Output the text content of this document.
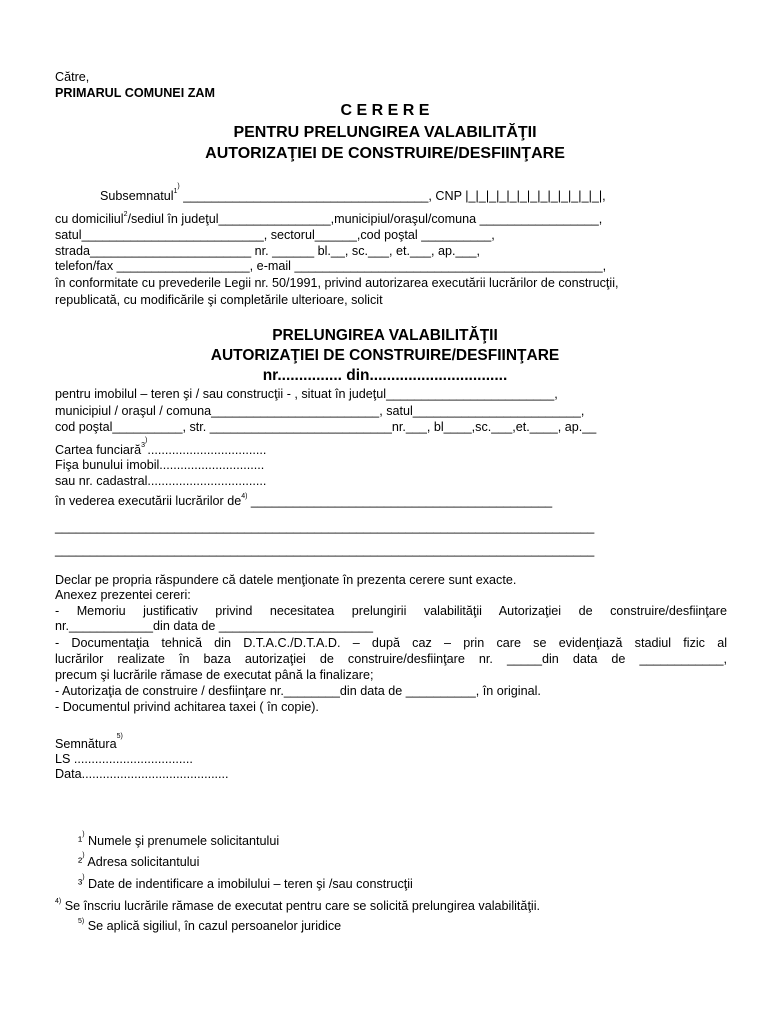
Către,
PRIMARUL COMUNEI ZAM
C E R E R E
PENTRU PRELUNGIREA VALABILITĂŢII
AUTORIZAŢIEI DE CONSTRUIRE/DESFIINŢARE
Subsemnatul$^{1)}$ ___________________________________, CNP |_|_|_|_|_|_|_|_|_|_|_|_|_|,
cu domiciliul$^2$/sediul în judeţul________________,municipiul/oraşul/comuna _________________,
satul__________________________, sectorul______,cod poştal __________,
strada_______________________ nr. ______ bl.__, sc.___, et.___, ap.___,
telefon/fax ___________________, e-mail ____________________________________________,
în conformitate cu prevederile Legii nr. 50/1991, privind autorizarea executării lucrărilor de construcţii,
republicată, cu modificările şi completările ulterioare, solicit
PRELUNGIREA VALABILITĂŢII
AUTORIZAŢIEI DE CONSTRUIRE/DESFIINŢARE
nr............... din................................
pentru imobilul – teren şi / sau construcţii - , situat în judeţul________________________,
municipiul / oraşul / comuna________________________, satul________________________,
cod poştal__________, str. __________________________nr.___, bl____,sc.___,et.____, ap.__
Cartea funciară$^{3)}$..................................
Fişa bunului imobil..............................
sau nr. cadastral..................................
în vederea executării lucrărilor $de^{4)}$ ___________________________________________
_____________________________________________________________________________
_____________________________________________________________________________
Declar pe propria răspundere că datele menţionate în prezenta cerere sunt exacte.
Anexez prezentei cereri:
- Memoriu justificativ privind necesitatea prelungirii valabilităţii Autorizaţiei de construire/desfiinţare
nr.____________din data de ______________________
- Documentaţia tehnică din D.T.A.C./D.T.A.D. – după caz – prin care se evidenţiază stadiul fizic al
lucrărilor realizate în baza autorizaţiei de construire/desfiinţare nr. _____din data de ____________,
precum şi lucrările rămase de executat până la finalizare;
- Autorizaţia de construire / desfiinţare nr.________din data de __________, în original.
- Documentul privind achitarea taxei ( în copie).
Semnătura$^{5)}$
LS ..................................
Data..........................................
¹) Numele şi prenumele solicitantului
²) Adresa solicitantului
³) Date de indentificare a imobilului – teren şi /sau construcţii
$^{4)}$ Se înscriu lucrările rămase de executat pentru care se solicită prelungirea valabilităţii.
$^{5)}$ Se aplică sigiliul, în cazul persoanelor juridice
